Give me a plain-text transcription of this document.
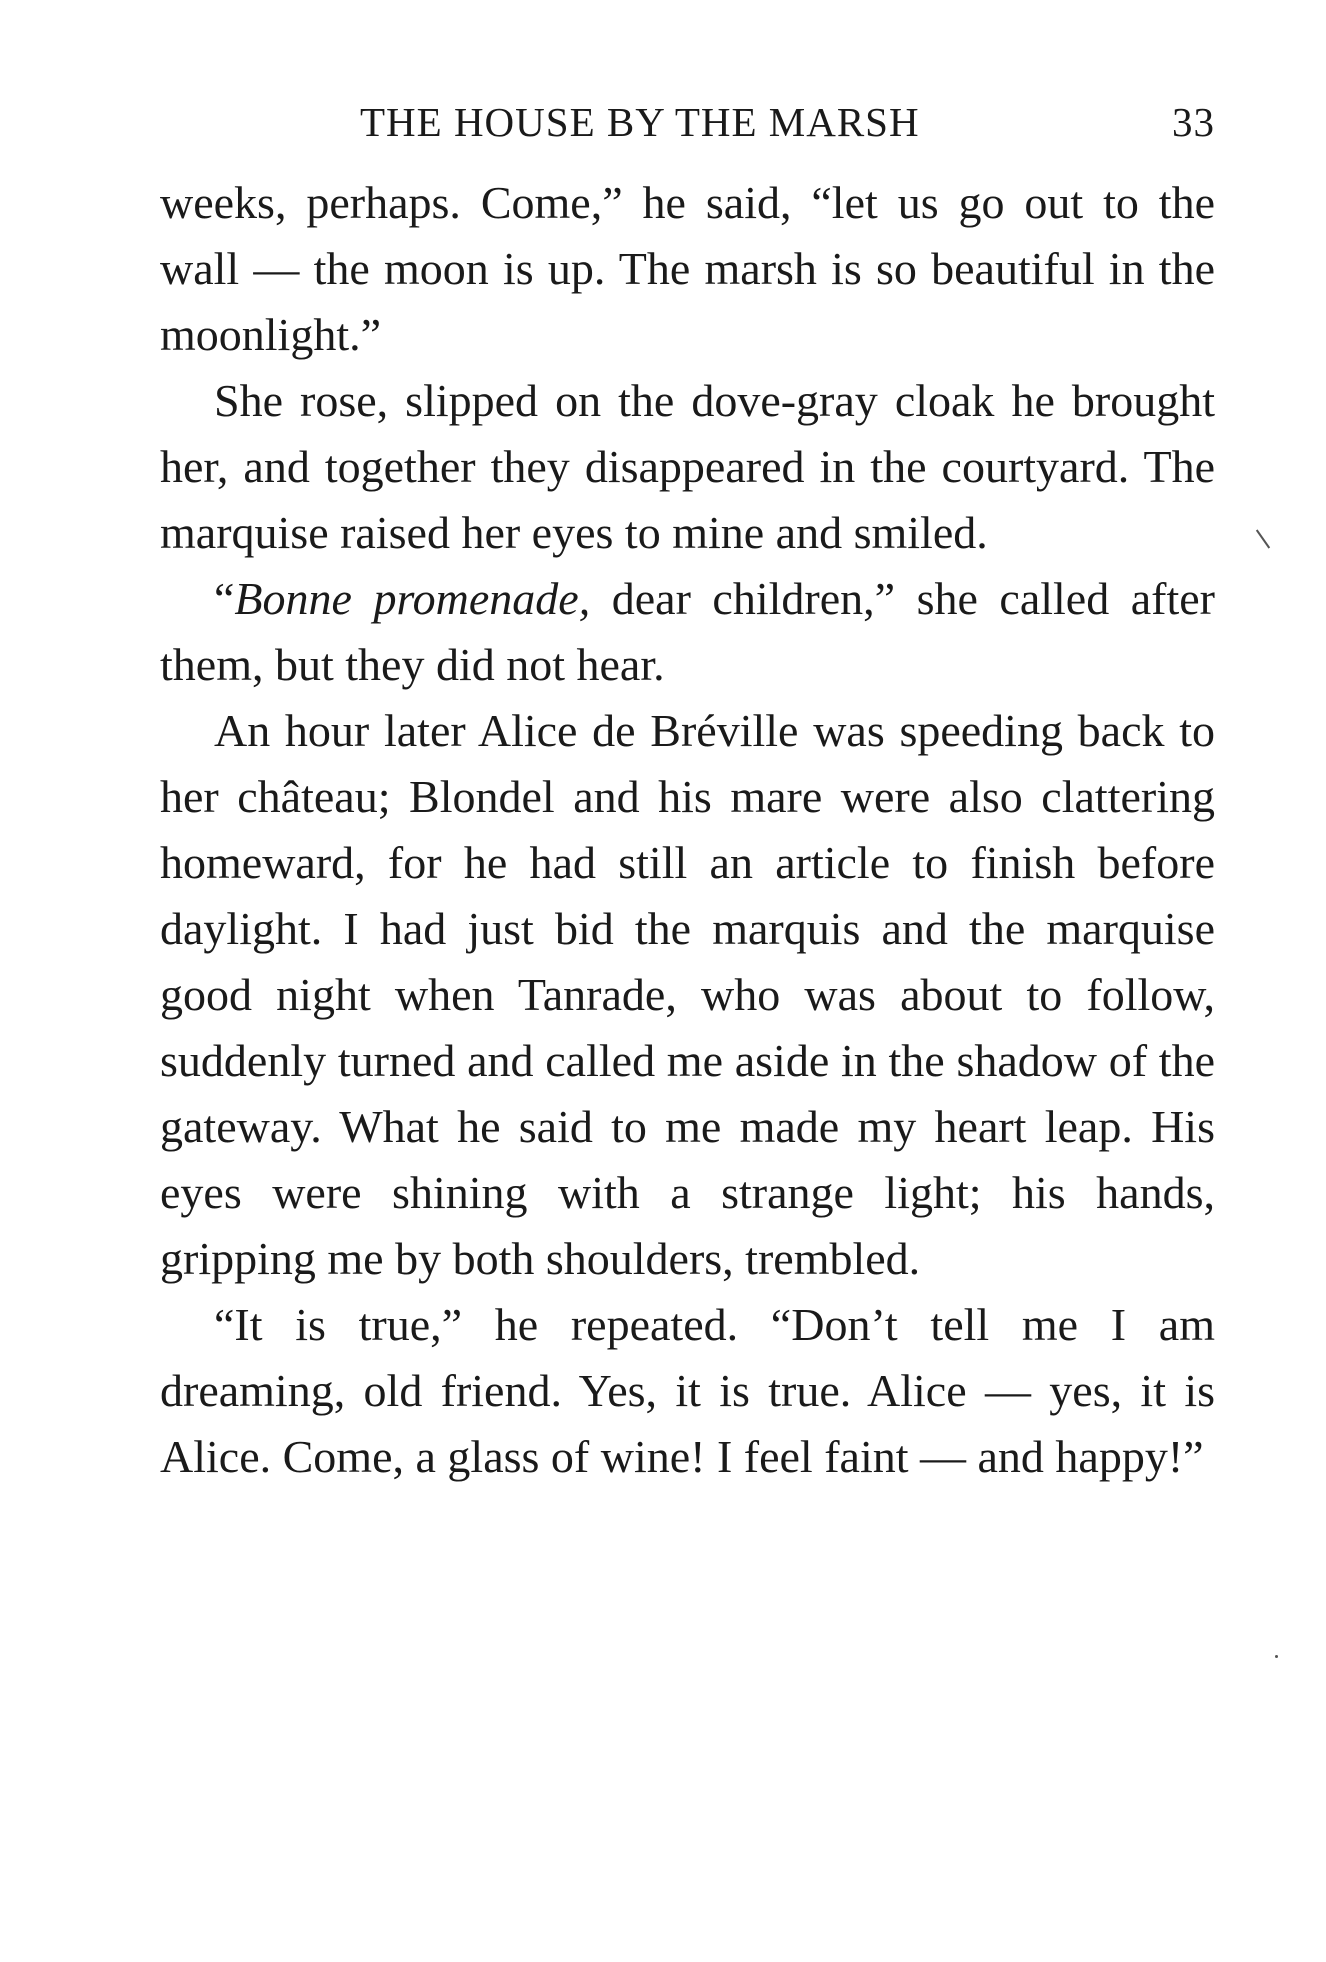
THE HOUSE BY THE MARSH	33

weeks, perhaps. Come,” he said, “let us go out to the wall — the moon is up. The marsh is so beautiful in the moonlight.”

She rose, slipped on the dove-gray cloak he brought her, and together they disappeared in the courtyard. The marquise raised her eyes to mine and smiled.

“Bonne promenade, dear children,” she called after them, but they did not hear.

An hour later Alice de Bréville was speeding back to her château; Blondel and his mare were also clattering homeward, for he had still an article to finish before daylight. I had just bid the marquis and the marquise good night when Tanrade, who was about to follow, suddenly turned and called me aside in the shadow of the gateway. What he said to me made my heart leap. His eyes were shining with a strange light; his hands, gripping me by both shoulders, trembled.

“It is true,” he repeated. “Don’t tell me I am dreaming, old friend. Yes, it is true. Alice — yes, it is Alice. Come, a glass of wine! I feel faint — and happy!”
